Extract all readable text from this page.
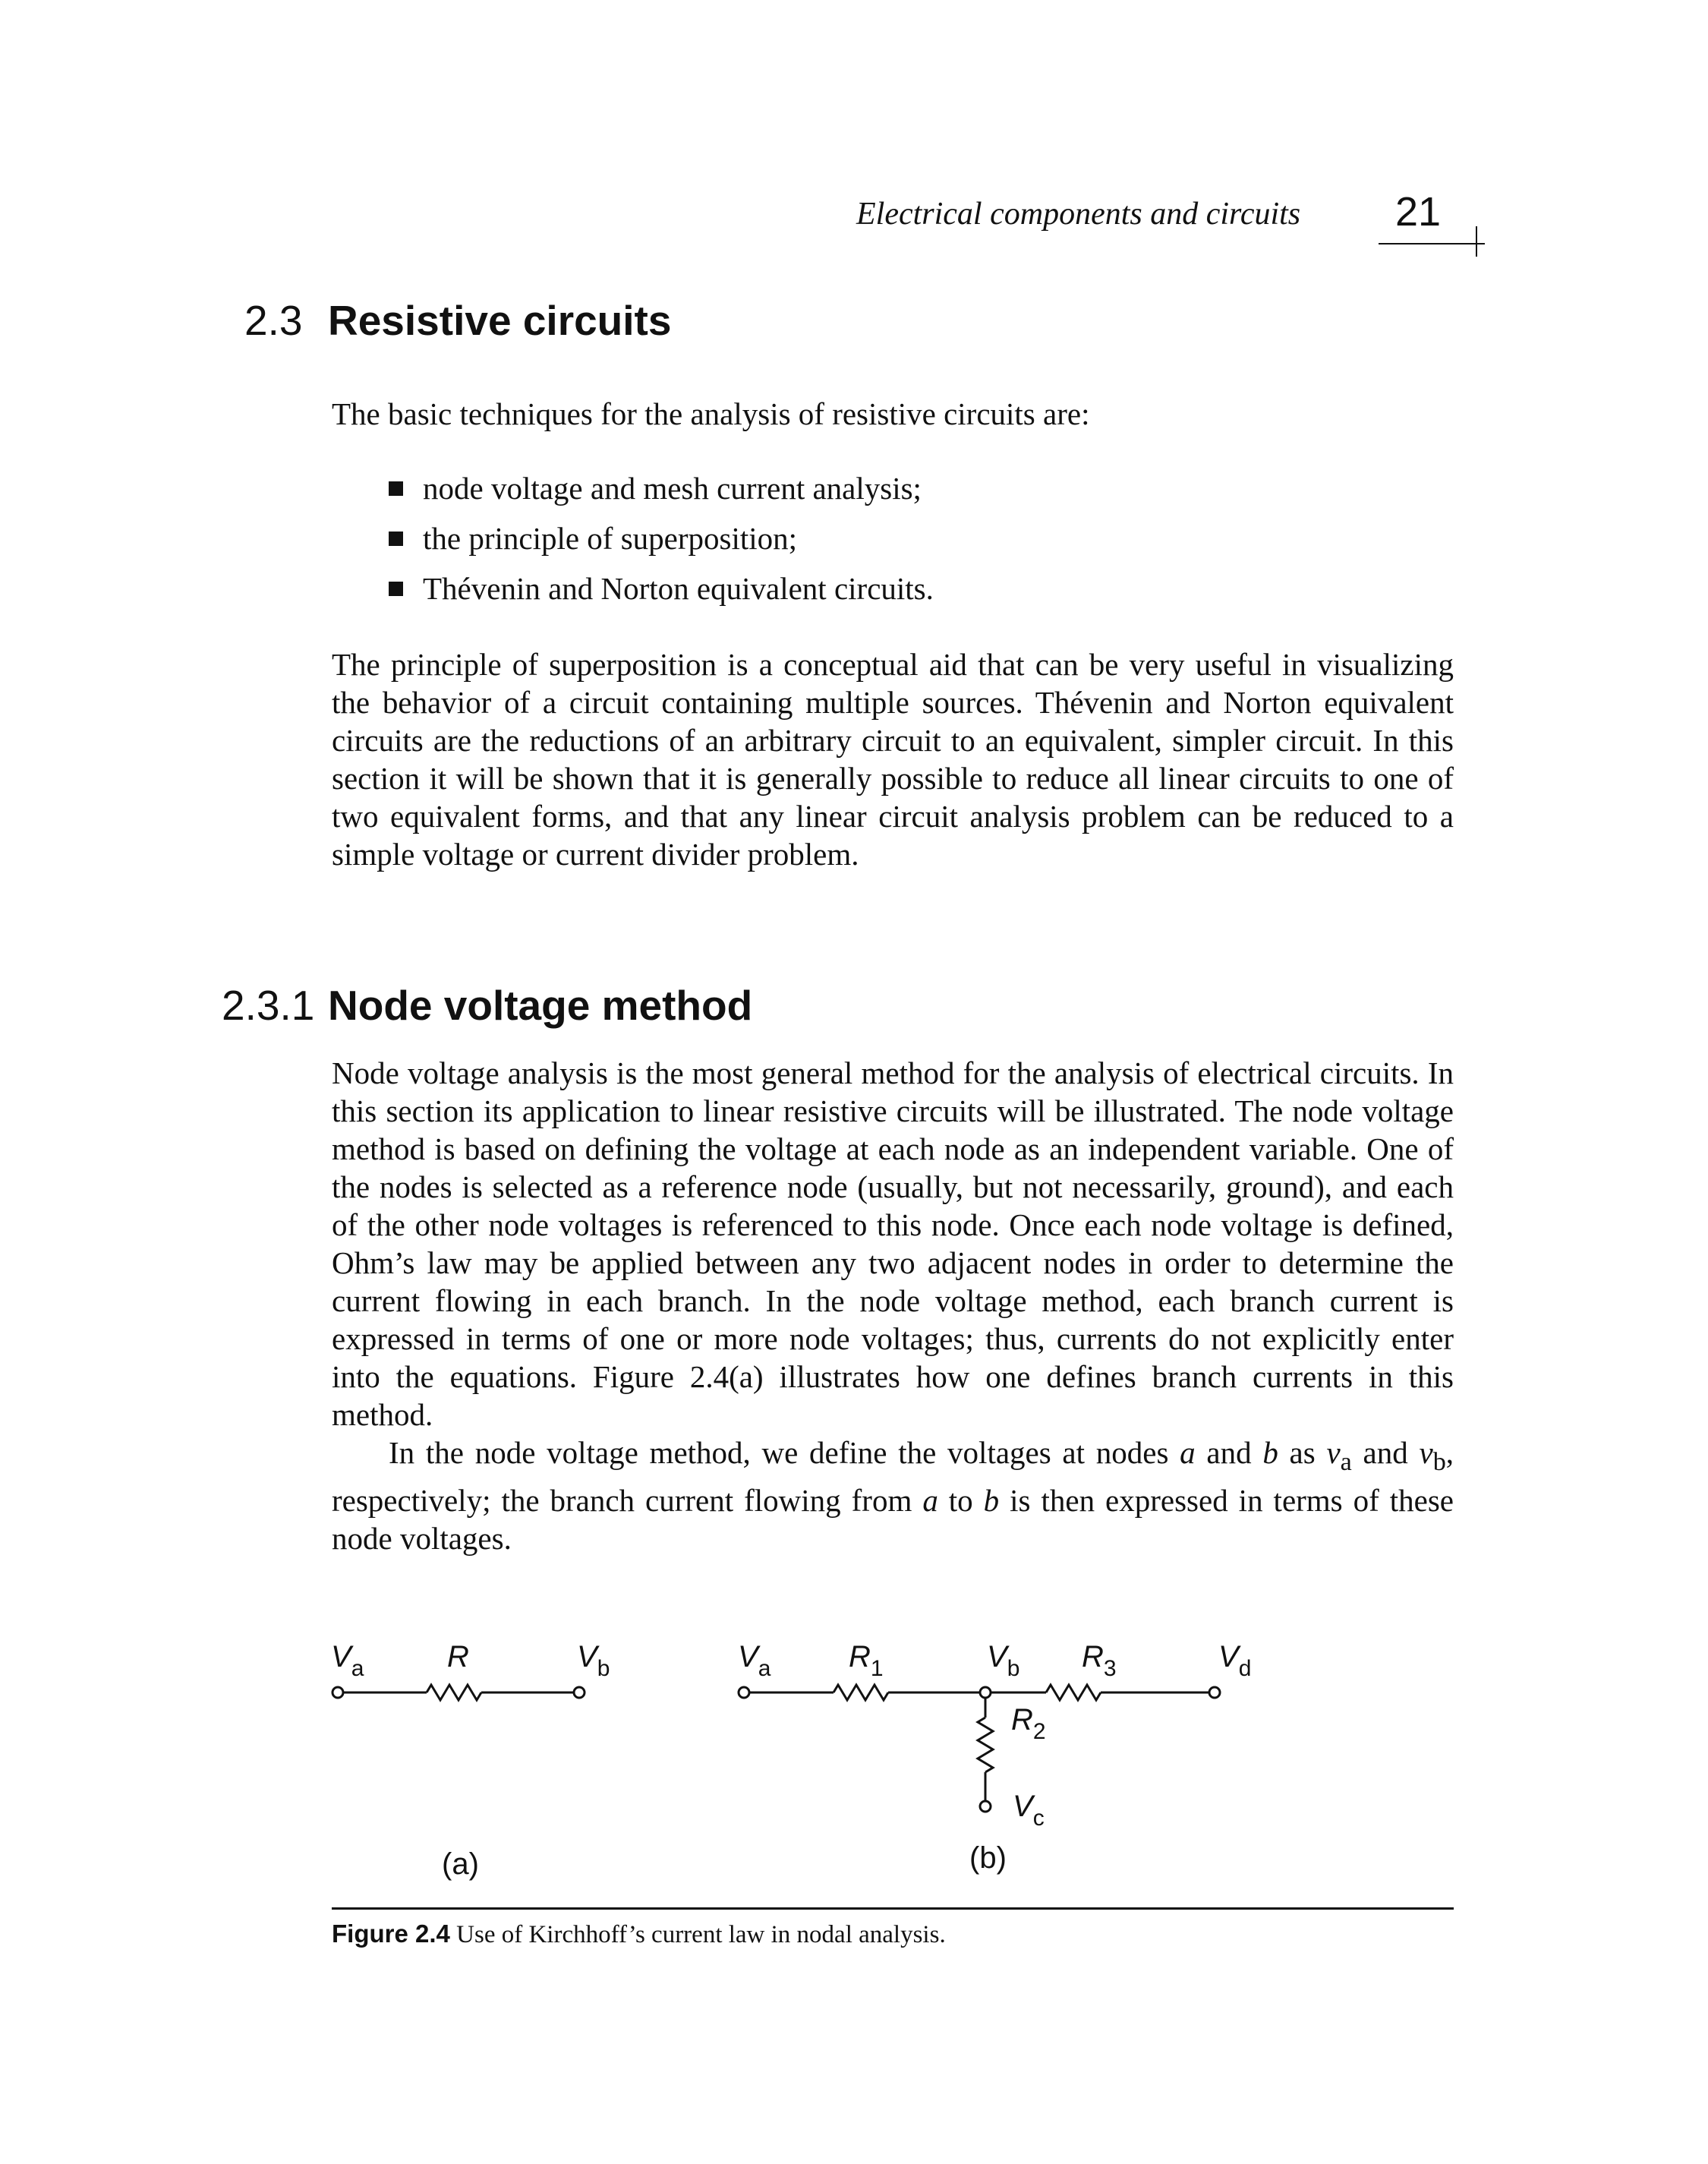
Electrical components and circuits 21
2.3 Resistive circuits

The basic techniques for the analysis of resistive circuits are:

node voltage and mesh current analysis;
the principle of superposition;
Thévenin and Norton equivalent circuits.

The principle of superposition is a conceptual aid that can be very useful in visualizing the behavior of a circuit containing multiple sources. Thévenin and Norton equivalent circuits are the reductions of an arbitrary circuit to an equivalent, simpler circuit. In this section it will be shown that it is generally possible to reduce all linear circuits to one of two equivalent forms, and that any linear circuit analysis problem can be reduced to a simple voltage or current divider problem.

2.3.1 Node voltage method

Node voltage analysis is the most general method for the analysis of electrical circuits. In this section its application to linear resistive circuits will be illustrated. The node voltage method is based on defining the voltage at each node as an independent variable. One of the nodes is selected as a reference node (usually, but not necessarily, ground), and each of the other node voltages is referenced to this node. Once each node voltage is defined, Ohm’s law may be applied between any two adjacent nodes in order to determine the current flowing in each branch. In the node voltage method, each branch current is expressed in terms of one or more node voltages; thus, currents do not explicitly enter into the equations. Figure 2.4(a) illustrates how one defines branch currents in this method.

In the node voltage method, we define the voltages at nodes a and b as $v_a$ and $v_b$, respectively; the branch current flowing from a to b is then expressed in terms of these node voltages.

$V_a$	R	$V_b$
(a)
$V_a$	$R_1$	$V_b$ $R_3$	$V_d$
$R_2$
$V_c$
(b)
Figure 2.4 Use of Kirchhoff’s current law in nodal analysis.
